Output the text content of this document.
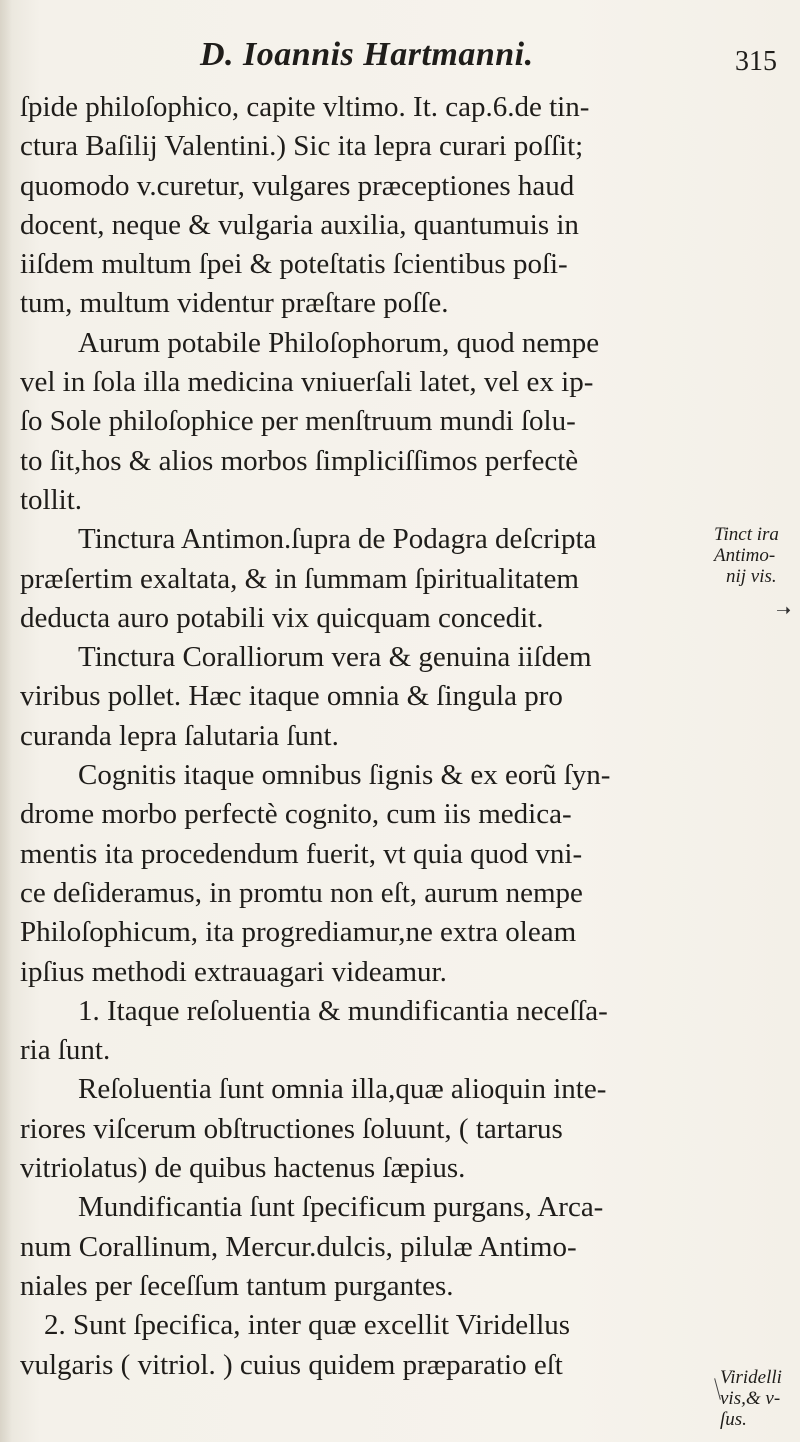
D. Ioannis Hartmanni.	315
ſpide philoſophico, capite vltimo. It. cap.6.de tin-
ctura Baſilij Valentini.) Sic ita lepra curari poſſit;
quomodo v.curetur, vulgares præceptiones haud
docent, neque & vulgaria auxilia, quantumuis in
iiſdem multum ſpei & poteſtatis ſcientibus poſi-
tum, multum videntur præſtare poſſe.
Aurum potabile Philoſophorum, quod nempe
vel in ſola illa medicina vniuerſali latet, vel ex ip-
ſo Sole philoſophice per menſtruum mundi ſolu-
to ſit,hos & alios morbos ſimpliciſſimos perfectè
tollit.
Tinctura Antimon.ſupra de Podagra deſcripta
præſertim exaltata, & in ſummam ſpiritualitatem
deducta auro potabili vix quicquam concedit.
Tinctura Coralliorum vera & genuina iiſdem
viribus pollet. Hæc itaque omnia & ſingula pro
curanda lepra ſalutaria ſunt.
Cognitis itaque omnibus ſignis & ex eorũ ſyn-
drome morbo perfectè cognito, cum iis medica-
mentis ita procedendum fuerit, vt quia quod vni-
ce deſideramus, in promtu non eſt, aurum nempe
Philoſophicum, ita progrediamur,ne extra oleam
ipſius methodi extrauagari videamur.
1. Itaque reſoluentia & mundificantia neceſſa-
ria ſunt.
Reſoluentia ſunt omnia illa,quæ alioquin inte-
riores viſcerum obſtructiones ſoluunt, ( tartarus
vitriolatus) de quibus hactenus ſæpius.
Mundificantia ſunt ſpecificum purgans, Arca-
num Corallinum, Mercur.dulcis, pilulæ Antimo-
niales per ſeceſſum tantum purgantes.
2. Sunt ſpecifica, inter quæ excellit Viridellus
vulgaris ( vitriol. ) cuius quidem præparatio eſt
Tinct ira
Antimo-
nij vis.
Viridelli
vis,& v-
ſus.
➝
